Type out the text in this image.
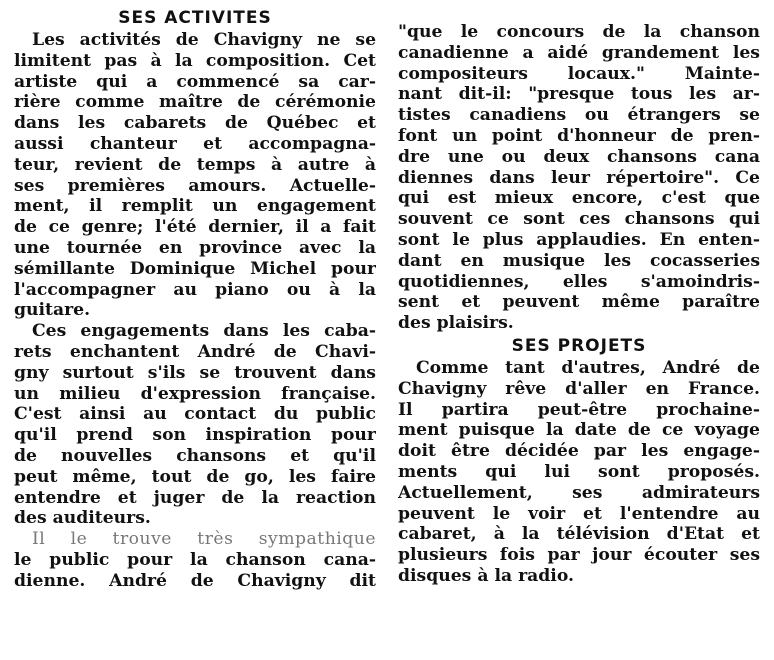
SES ACTIVITES
Les activités de Chavigny ne se
limitent pas à la composition. Cet
artiste qui a commencé sa car-
rière comme maître de cérémonie
dans les cabarets de Québec et
aussi chanteur et accompagna-
teur, revient de temps à autre à
ses premières amours. Actuelle-
ment, il remplit un engagement
de ce genre; l'été dernier, il a fait
une tournée en province avec la
sémillante Dominique Michel pour
l'accompagner au piano ou à la
guitare.
Ces engagements dans les caba-
rets enchantent André de Chavi-
gny surtout s'ils se trouvent dans
un milieu d'expression française.
C'est ainsi au contact du public
qu'il prend son inspiration pour
de nouvelles chansons et qu'il
peut même, tout de go, les faire
entendre et juger de la reaction
des auditeurs.
Il le trouve très sympathique
le public pour la chanson cana-
dienne. André de Chavigny dit
"que le concours de la chanson
canadienne a aidé grandement les
compositeurs locaux." Mainte-
nant dit-il: "presque tous les ar-
tistes canadiens ou étrangers se
font un point d'honneur de pren-
dre une ou deux chansons cana
diennes dans leur répertoire". Ce
qui est mieux encore, c'est que
souvent ce sont ces chansons qui
sont le plus applaudies. En enten-
dant en musique les cocasseries
quotidiennes, elles s'amoindris-
sent et peuvent même paraître
des plaisirs.
SES PROJETS
Comme tant d'autres, André de
Chavigny rêve d'aller en France.
Il partira peut-être prochaine-
ment puisque la date de ce voyage
doit être décidée par les engage-
ments qui lui sont proposés.
Actuellement, ses admirateurs
peuvent le voir et l'entendre au
cabaret, à la télévision d'Etat et
plusieurs fois par jour écouter ses
disques à la radio.
